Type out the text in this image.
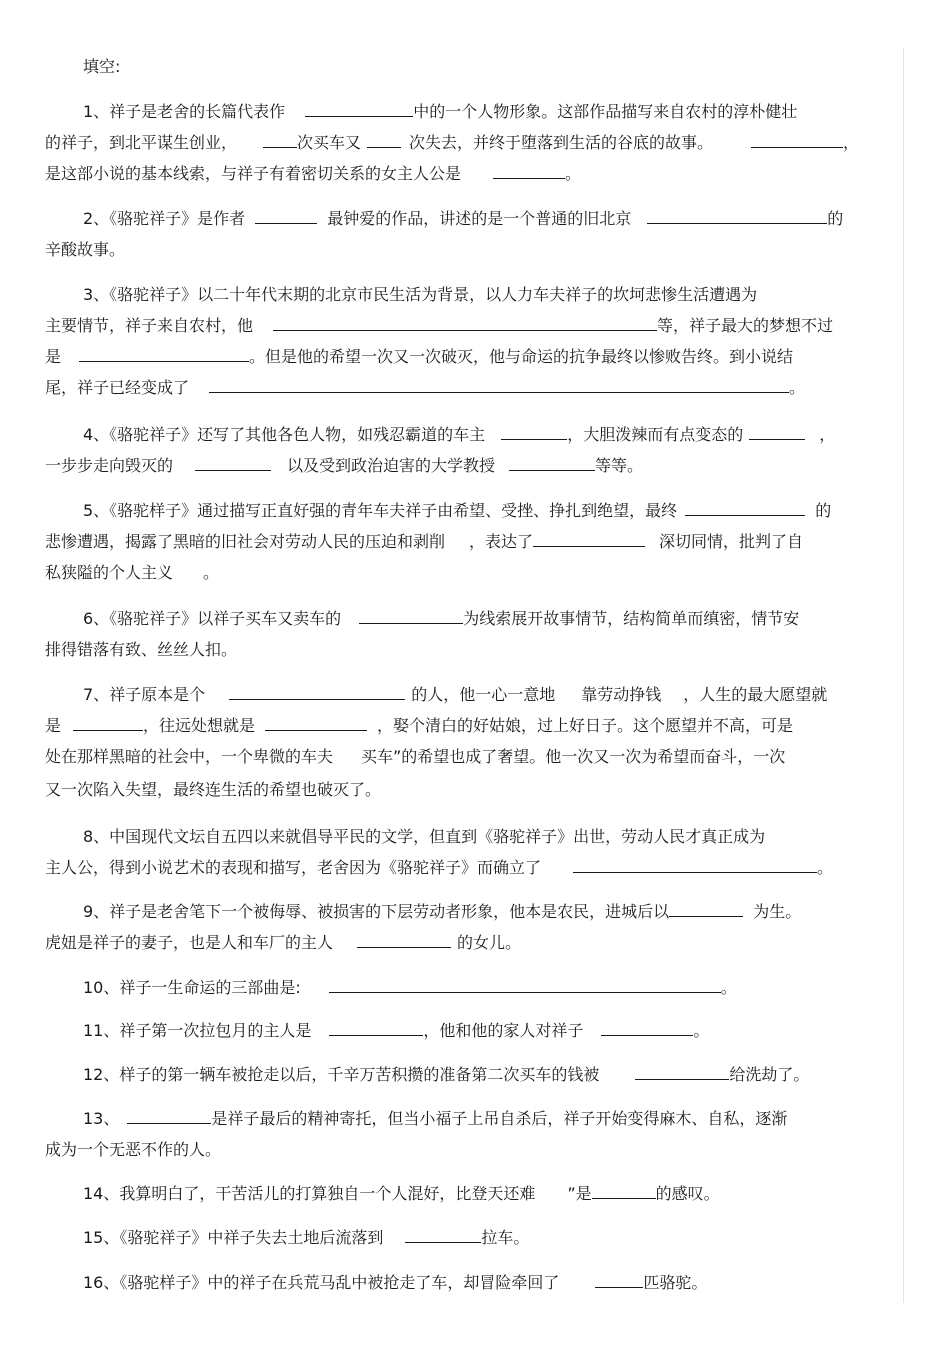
填空:
1、祥子是老舍的长篇代表作	中的一个人物形象。这部作品描写来自农村的淳朴健壮
的祥子，到北平谋生创业，	次买车又	次失去，并终于堕落到生活的谷底的故事。	，
是这部小说的基本线索，与祥子有着密切关系的女主人公是	。
2、《骆驼祥子》是作者	最钟爱的作品，讲述的是一个普通的旧北京	的
辛酸故事。
3、《骆驼祥子》以二十年代末期的北京市民生活为背景，以人力车夫祥子的坎坷悲惨生活遭遇为
主要情节，祥子来自农村，他	等，祥子最大的梦想不过
是	。但是他的希望一次又一次破灭，他与命运的抗争最终以惨败告终。到小说结
尾，祥子已经变成了	。
4、《骆驼祥子》还写了其他各色人物，如残忍霸道的车主	，大胆泼辣而有点变态的	，
一步步走向毁灭的	以及受到政治迫害的大学教授	等等。
5、《骆驼样子》通过描写正直好强的青年车夫祥子由希望、受挫、挣扎到绝望，最终	的
悲惨遭遇，揭露了黑暗的旧社会对劳动人民的压迫和剥削 ，表达了	深切同情，批判了自
私狭隘的个人主义 。
6、《骆驼祥子》以祥子买车又卖车的	为线索展开故事情节，结构简单而缜密，情节安
排得错落有致、丝丝人扣。
7、祥子原本是个	的人，他一心一意地 靠劳动挣钱 ，人生的最大愿望就
是	，往远处想就是	，娶个清白的好姑娘，过上好日子。这个愿望并不高，可是
处在那样黑暗的社会中，一个卑微的车夫 买车”的希望也成了奢望。他一次又一次为希望而奋斗，一次
又一次陷入失望，最终连生活的希望也破灭了。
8、中国现代文坛自五四以来就倡导平民的文学，但直到《骆驼祥子》出世，劳动人民才真正成为
主人公，得到小说艺术的表现和描写，老舍因为《骆驼祥子》而确立了	。
9、祥子是老舍笔下一个被侮辱、被损害的下层劳动者形象，他本是农民，进城后以	为生。
虎妞是祥子的妻子，也是人和车厂的主人	的女儿。
10、祥子一生命运的三部曲是:	。
11、祥子第一次拉包月的主人是	，他和他的家人对祥子	。
12、样子的第一辆车被抢走以后，千辛万苦积攒的准备第二次买车的钱被	给洗劫了。
13、	是祥子最后的精神寄托，但当小福子上吊自杀后，祥子开始变得麻木、自私，逐渐
成为一个无恶不作的人。
14、我算明白了，干苦活儿的打算独自一个人混好，比登天还难 ”是	的感叹。
15、《骆驼祥子》中祥子失去土地后流落到	拉车。
16、《骆驼样子》中的祥子在兵荒马乱中被抢走了车，却冒险牵回了	匹骆驼。
